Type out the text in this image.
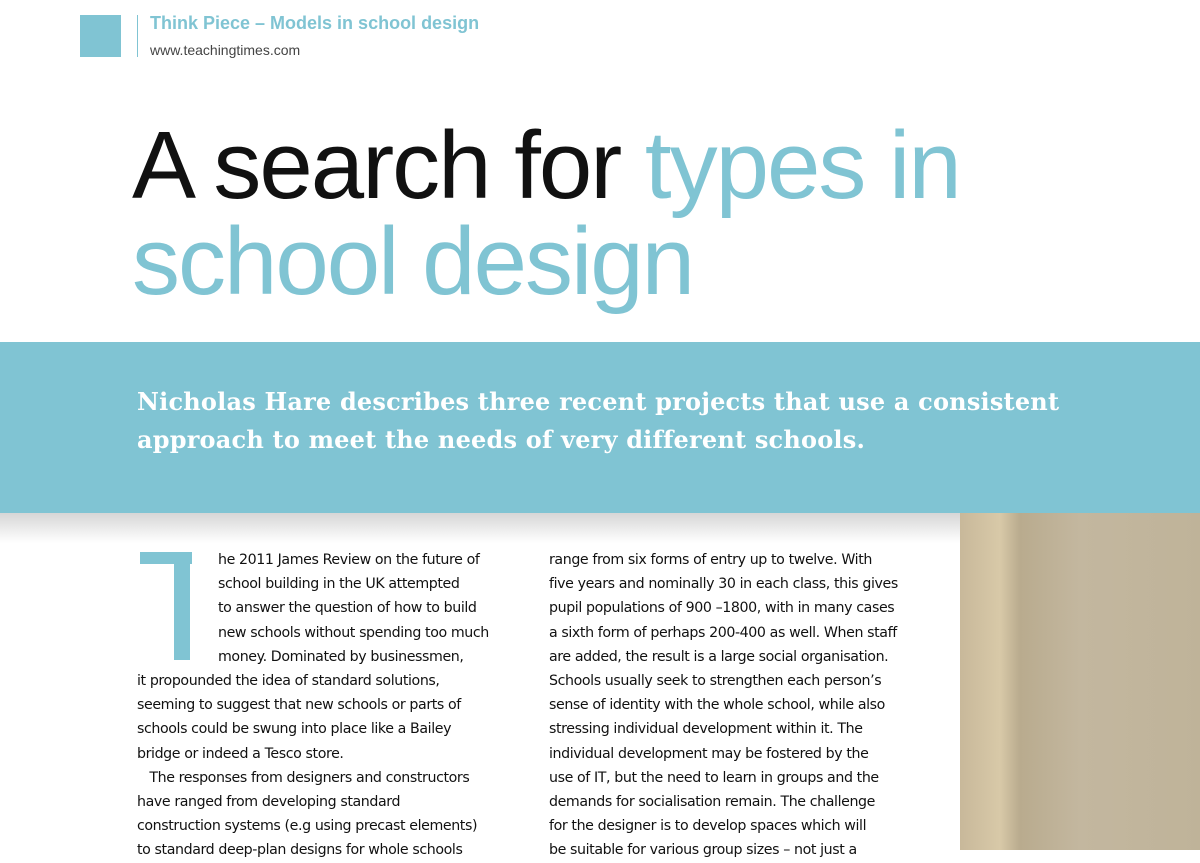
Think Piece – Models in school design
www.teachingtimes.com
A search for types in
school design
Nicholas Hare describes three recent projects that use a consistent
approach to meet the needs of very different schools.

he 2011 James Review on the future of

school building in the UK attempted

to answer the question of how to build

new schools without spending too much

money. Dominated by businessmen,

it propounded the idea of standard solutions,

seeming to suggest that new schools or parts of

schools could be swung into place like a Bailey

bridge or indeed a Tesco store.

The responses from designers and constructors

have ranged from developing standard

construction systems (e.g using precast elements)

to standard deep-plan designs for whole schools

range from six forms of entry up to twelve. With

five years and nominally 30 in each class, this gives

pupil populations of 900 –1800, with in many cases

a sixth form of perhaps 200-400 as well. When staff

are added, the result is a large social organisation.

Schools usually seek to strengthen each person’s

sense of identity with the whole school, while also

stressing individual development within it. The

individual development may be fostered by the

use of IT, but the need to learn in groups and the

demands for socialisation remain. The challenge

for the designer is to develop spaces which will

be suitable for various group sizes – not just a
